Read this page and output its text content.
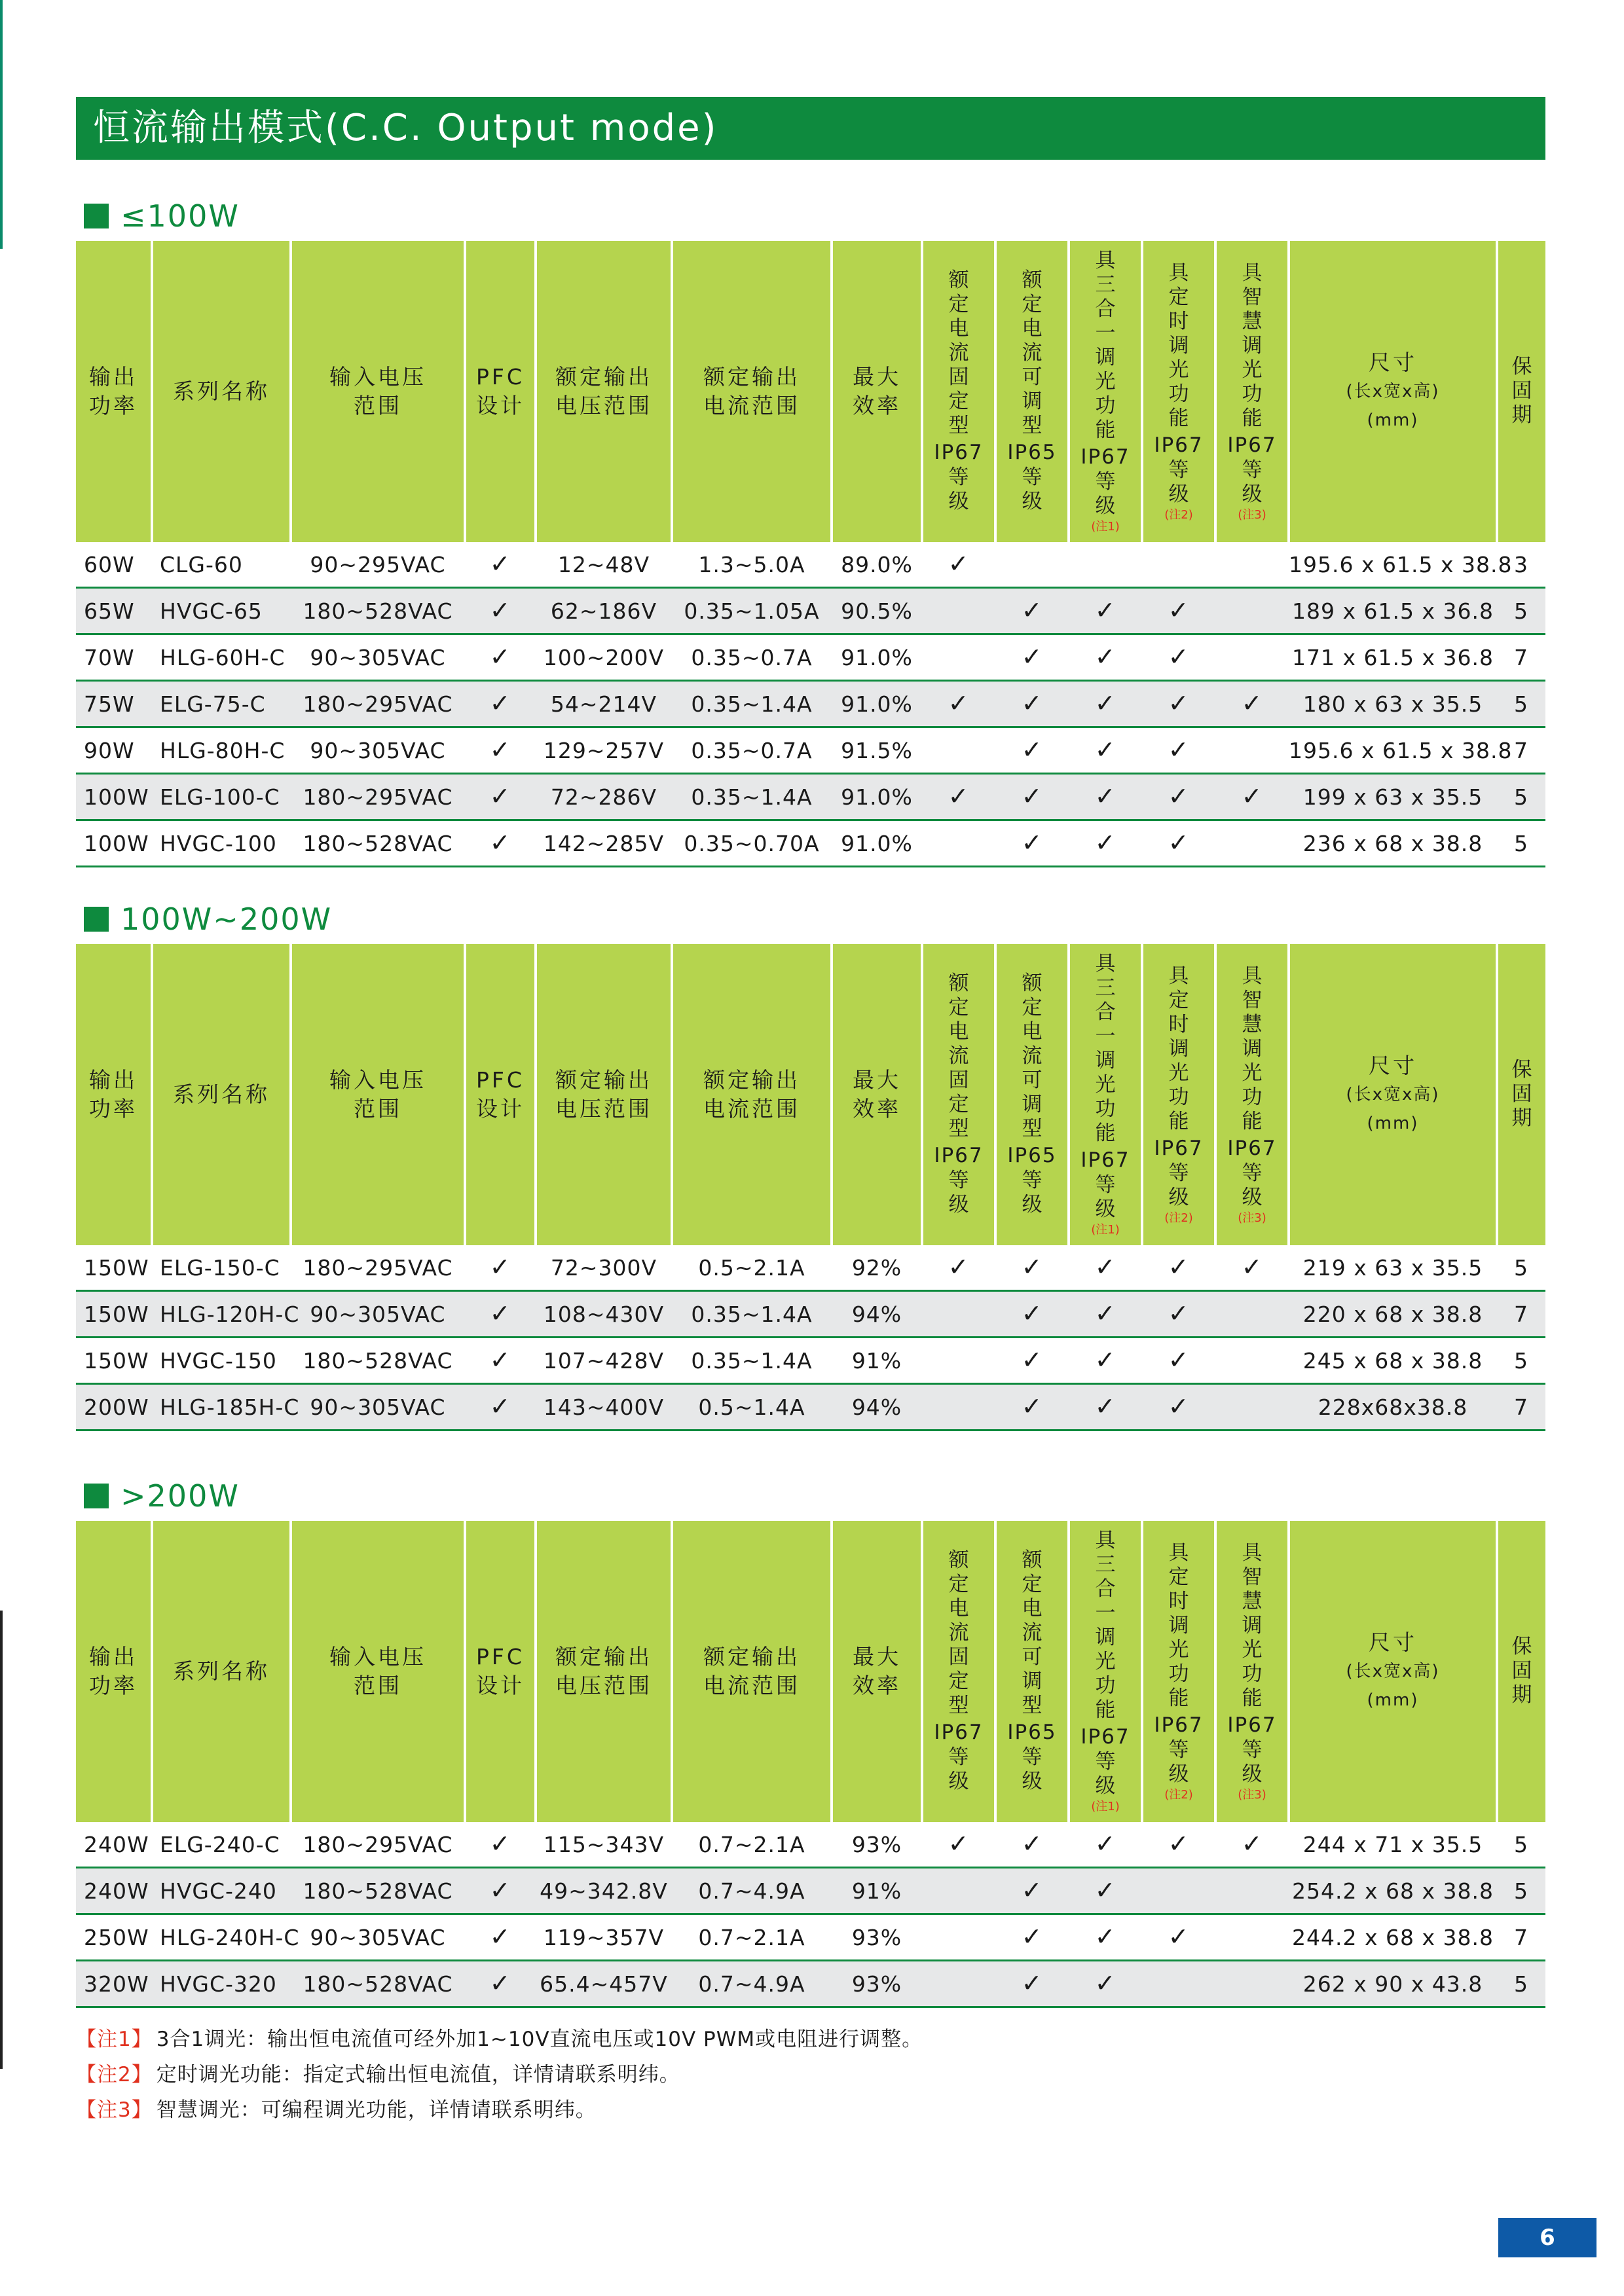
恒流输出模式(C.C. Output mode)
≤100W
输出功率	系列名称	输入电压范围	PFC设计	额定输出电压范围	额定输出电流范围	最大效率	额定电流固定型
IP67
等级	额定电流可调型
IP65
等级	具三合一调光功能
IP67
等级
(注1)	具定时调光功能
IP67
等级
(注2)	具智慧调光功能
IP67
等级
(注3)	尺寸
(长x宽x高)
(mm)	保固期
60W	CLG-60	90~295VAC	✓	12~48V	1.3~5.0A	89.0%	✓					195.6 x 61.5 x 38.8	3
65W	HVGC-65	180~528VAC	✓	62~186V	0.35~1.05A	90.5%		✓	✓	✓		189 x 61.5 x 36.8	5
70W	HLG-60H-C	90~305VAC	✓	100~200V	0.35~0.7A	91.0%		✓	✓	✓		171 x 61.5 x 36.8	7
75W	ELG-75-C	180~295VAC	✓	54~214V	0.35~1.4A	91.0%	✓	✓	✓	✓	✓	180 x 63 x 35.5	5
90W	HLG-80H-C	90~305VAC	✓	129~257V	0.35~0.7A	91.5%		✓	✓	✓		195.6 x 61.5 x 38.8	7
100W	ELG-100-C	180~295VAC	✓	72~286V	0.35~1.4A	91.0%	✓	✓	✓	✓	✓	199 x 63 x 35.5	5
100W	HVGC-100	180~528VAC	✓	142~285V	0.35~0.70A	91.0%		✓	✓	✓		236 x 68 x 38.8	5
100W~200W
输出功率	系列名称	输入电压范围	PFC设计	额定输出电压范围	额定输出电流范围	最大效率	额定电流固定型
IP67
等级	额定电流可调型
IP65
等级	具三合一调光功能
IP67
等级
(注1)	具定时调光功能
IP67
等级
(注2)	具智慧调光功能
IP67
等级
(注3)	尺寸
(长x宽x高)
(mm)	保固期
150W	ELG-150-C	180~295VAC	✓	72~300V	0.5~2.1A	92%	✓	✓	✓	✓	✓	219 x 63 x 35.5	5
150W	HLG-120H-C	90~305VAC	✓	108~430V	0.35~1.4A	94%		✓	✓	✓		220 x 68 x 38.8	7
150W	HVGC-150	180~528VAC	✓	107~428V	0.35~1.4A	91%		✓	✓	✓		245 x 68 x 38.8	5
200W	HLG-185H-C	90~305VAC	✓	143~400V	0.5~1.4A	94%		✓	✓	✓		228x68x38.8	7
>200W
输出功率	系列名称	输入电压范围	PFC设计	额定输出电压范围	额定输出电流范围	最大效率	额定电流固定型
IP67
等级	额定电流可调型
IP65
等级	具三合一调光功能
IP67
等级
(注1)	具定时调光功能
IP67
等级
(注2)	具智慧调光功能
IP67
等级
(注3)	尺寸
(长x宽x高)
(mm)	保固期
240W	ELG-240-C	180~295VAC	✓	115~343V	0.7~2.1A	93%	✓	✓	✓	✓	✓	244 x 71 x 35.5	5
240W	HVGC-240	180~528VAC	✓	49~342.8V	0.7~4.9A	91%		✓	✓			254.2 x 68 x 38.8	5
250W	HLG-240H-C	90~305VAC	✓	119~357V	0.7~2.1A	93%		✓	✓	✓		244.2 x 68 x 38.8	7
320W	HVGC-320	180~528VAC	✓	65.4~457V	0.7~4.9A	93%		✓	✓			262 x 90 x 43.8	5
【注1】 3合1调光：输出恒电流值可经外加1~10V直流电压或10V PWM或电阻进行调整。
【注2】 定时调光功能：指定式输出恒电流值，详情请联系明纬。
【注3】 智慧调光：可编程调光功能，详情请联系明纬。
6
